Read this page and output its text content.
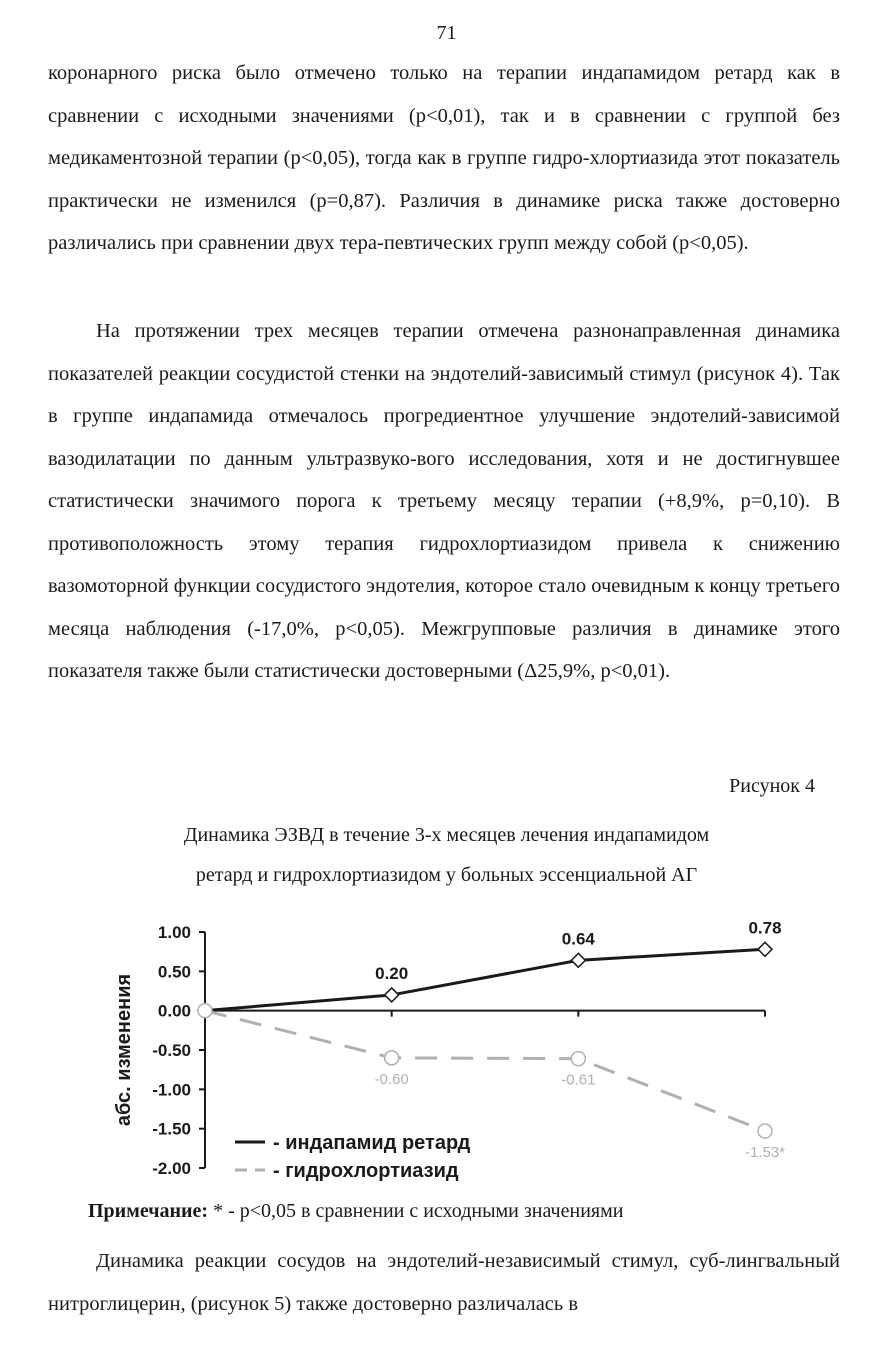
71

коронарного риска было отмечено только на терапии индапамидом ретард как в сравнении с исходными значениями (p<0,01), так и в сравнении с группой без медикаментозной терапии (p<0,05), тогда как в группе гидро-хлортиазида этот показатель практически не изменился (p=0,87). Различия в динамике риска также достоверно различались при сравнении двух тера-певтических групп между собой (p<0,05).

На протяжении трех месяцев терапии отмечена разнонаправленная динамика показателей реакции сосудистой стенки на эндотелий-зависимый стимул (рисунок 4). Так в группе индапамида отмечалось прогредиентное улучшение эндотелий-зависимой вазодилатации по данным ультразвуко-вого исследования, хотя и не достигнувшее статистически значимого порога к третьему месяцу терапии (+8,9%, p=0,10). В противоположность этому терапия гидрохлортиазидом привела к снижению вазомоторной функции сосудистого эндотелия, которое стало очевидным к концу третьего месяца наблюдения (-17,0%, p<0,05). Межгрупповые различия в динамике этого показателя также были статистически достоверными (Δ25,9%, p<0,01).

Рисунок 4
Динамика ЭЗВД в течение 3-х месяцев лечения индапамидом
ретард и гидрохлортиазидом у больных эссенциальной АГ
1.00
0.50
0.00
-0.50
-1.00
-1.50
-2.00
абс. изменения
0.20
0.64
0.78
-0.60	-0.61
-1.53*
- индапамид ретард
- гидрохлортиазид
Примечание: * - p<0,05 в сравнении с исходными значениями

Динамика реакции сосудов на эндотелий-независимый стимул, суб-лингвальный нитроглицерин, (рисунок 5) также достоверно различалась в
